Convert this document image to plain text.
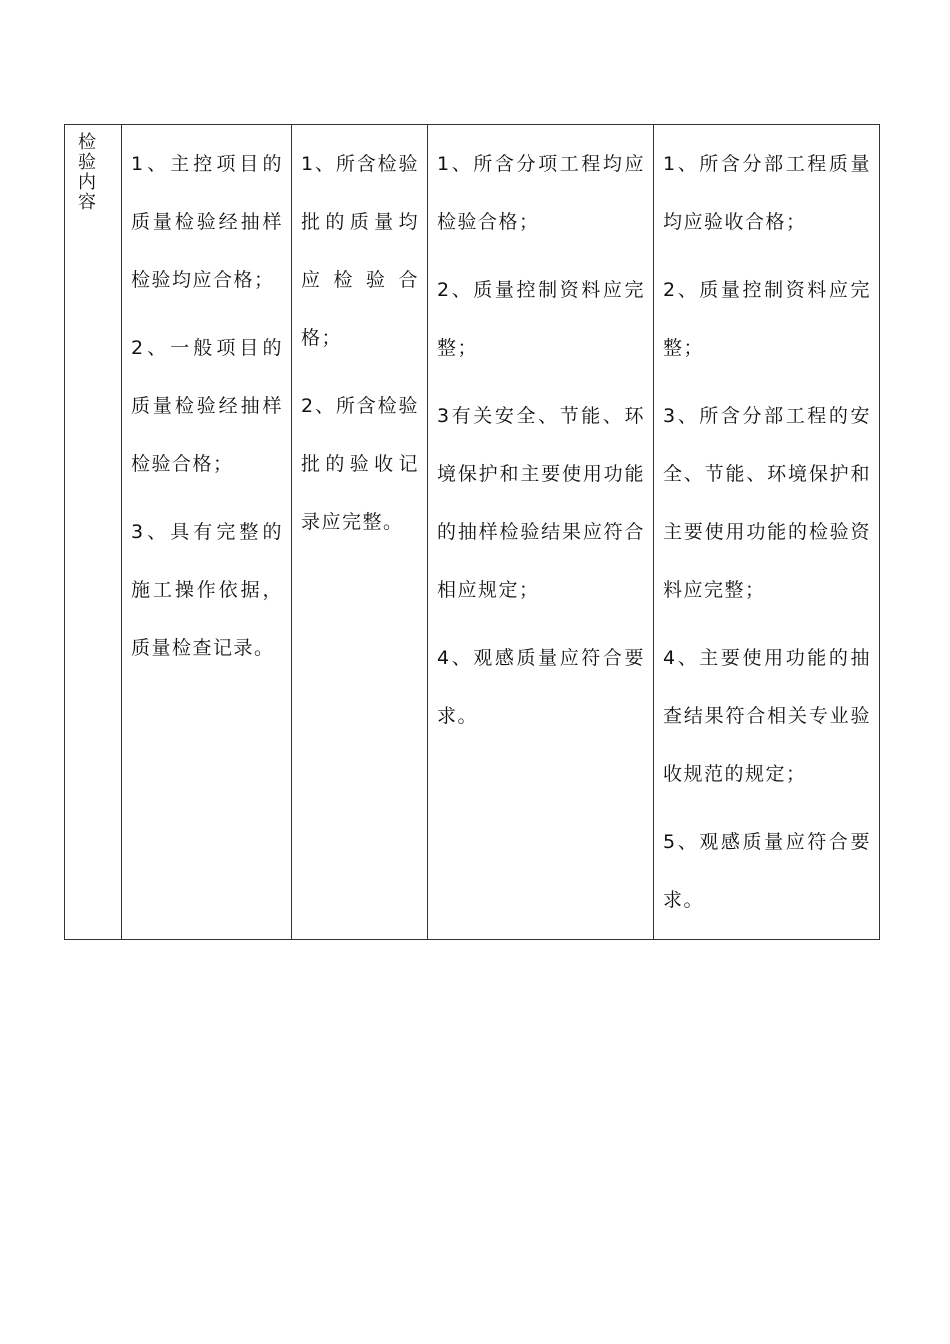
检验内容

1、主控项目的质量检验经抽样检验均应合格；
2、一般项目的质量检验经抽样检验合格；
3、具有完整的施工操作依据，质量检查记录。

1、所含检验批的质量均应检验合格；
2、所含检验批的验收记录应完整。

1、所含分项工程均应检验合格；
2、质量控制资料应完整；
3有关安全、节能、环境保护和主要使用功能的抽样检验结果应符合相应规定；
4、观感质量应符合要求。

1、所含分部工程质量均应验收合格；
2、质量控制资料应完整；
3、所含分部工程的安全、节能、环境保护和主要使用功能的检验资料应完整；
4、主要使用功能的抽查结果符合相关专业验收规范的规定；
5、观感质量应符合要求。
